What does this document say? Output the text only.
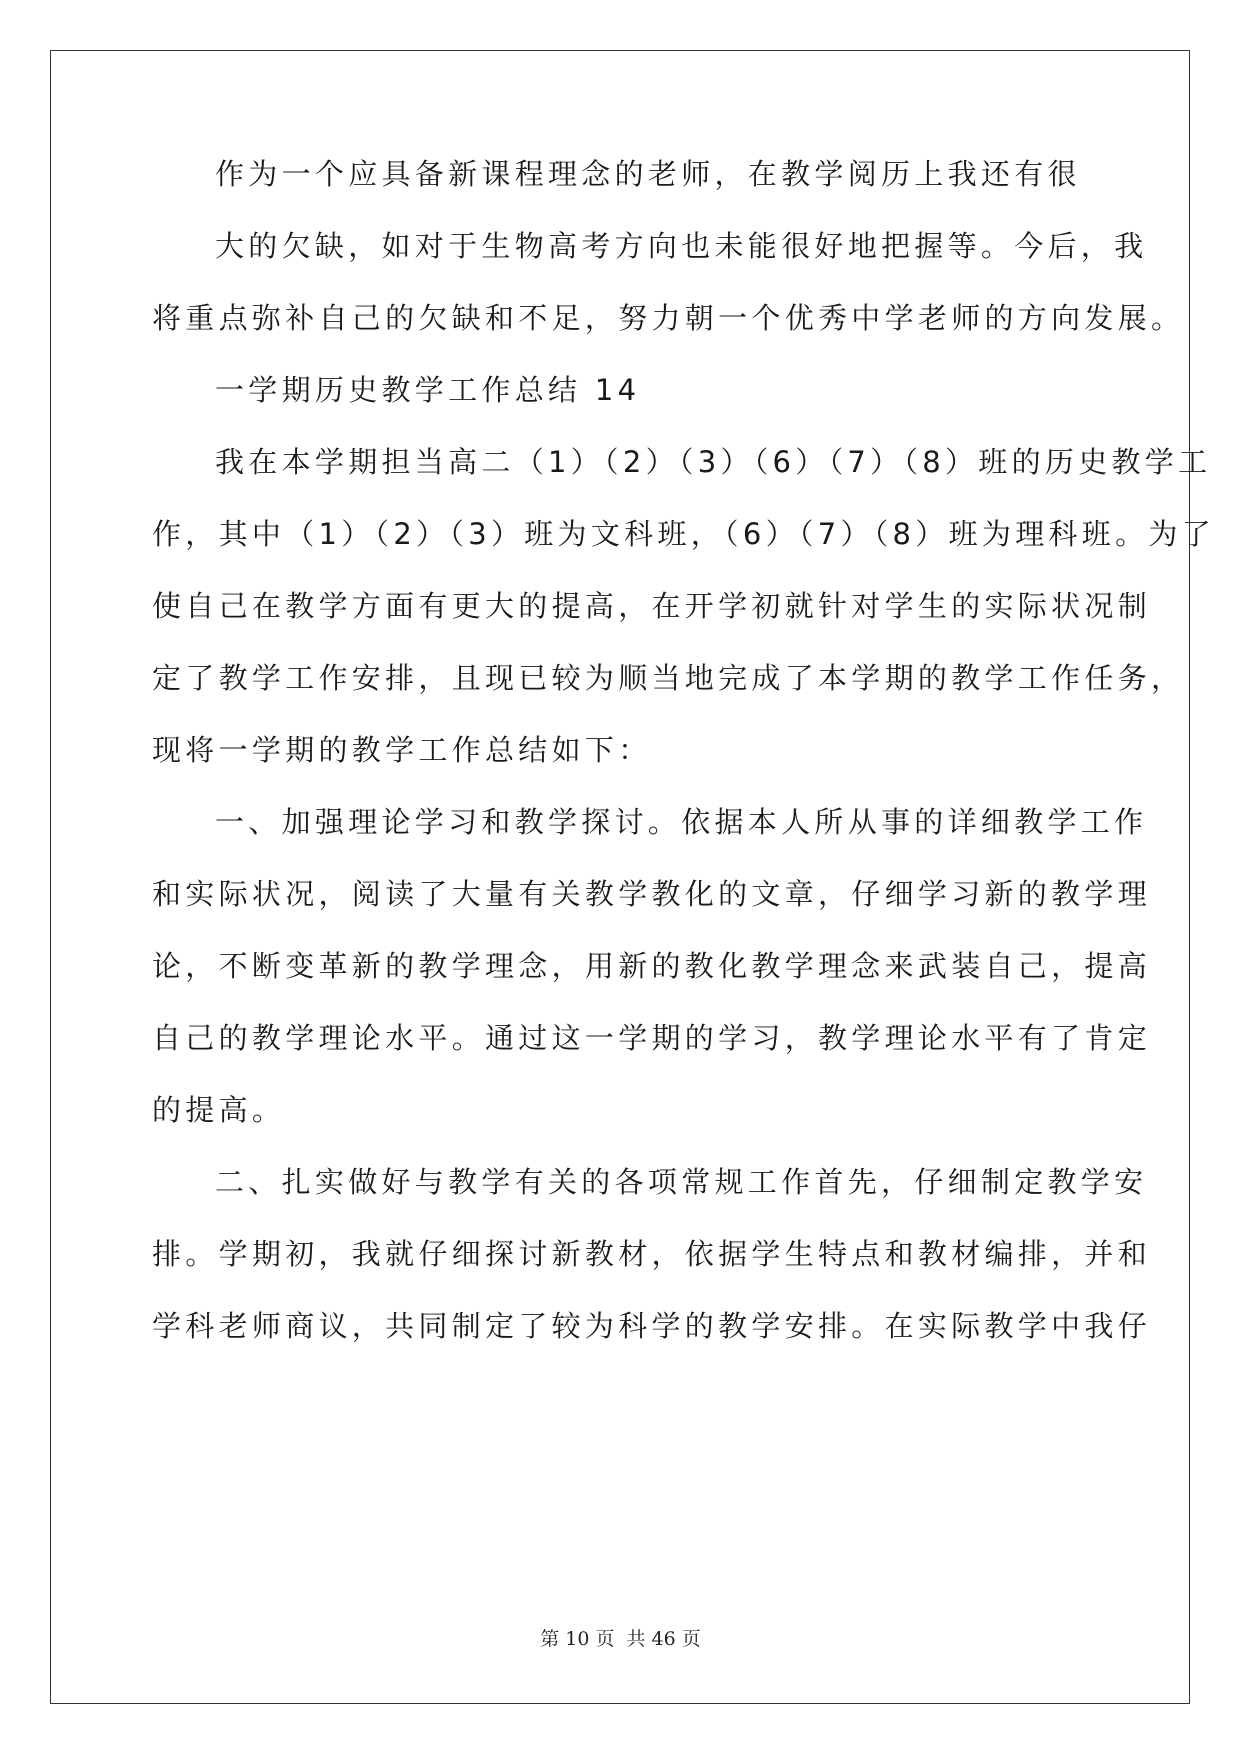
作为一个应具备新课程理念的老师，在教学阅历上我还有很
大的欠缺，如对于生物高考方向也未能很好地把握等。今后，我
将重点弥补自己的欠缺和不足，努力朝一个优秀中学老师的方向发展。
一学期历史教学工作总结 14
我在本学期担当高二（1）（2）（3）（6）（7）（8）班的历史教学工
作，其中（1）（2）（3）班为文科班，（6）（7）（8）班为理科班。为了
使自己在教学方面有更大的提高，在开学初就针对学生的实际状况制
定了教学工作安排，且现已较为顺当地完成了本学期的教学工作任务，
现将一学期的教学工作总结如下：
一、加强理论学习和教学探讨。依据本人所从事的详细教学工作
和实际状况，阅读了大量有关教学教化的文章，仔细学习新的教学理
论，不断变革新的教学理念，用新的教化教学理念来武装自己，提高
自己的教学理论水平。通过这一学期的学习，教学理论水平有了肯定
的提高。
二、扎实做好与教学有关的各项常规工作首先，仔细制定教学安
排。学期初，我就仔细探讨新教材，依据学生特点和教材编排，并和
学科老师商议，共同制定了较为科学的教学安排。在实际教学中我仔
第 10 页 共 46 页
